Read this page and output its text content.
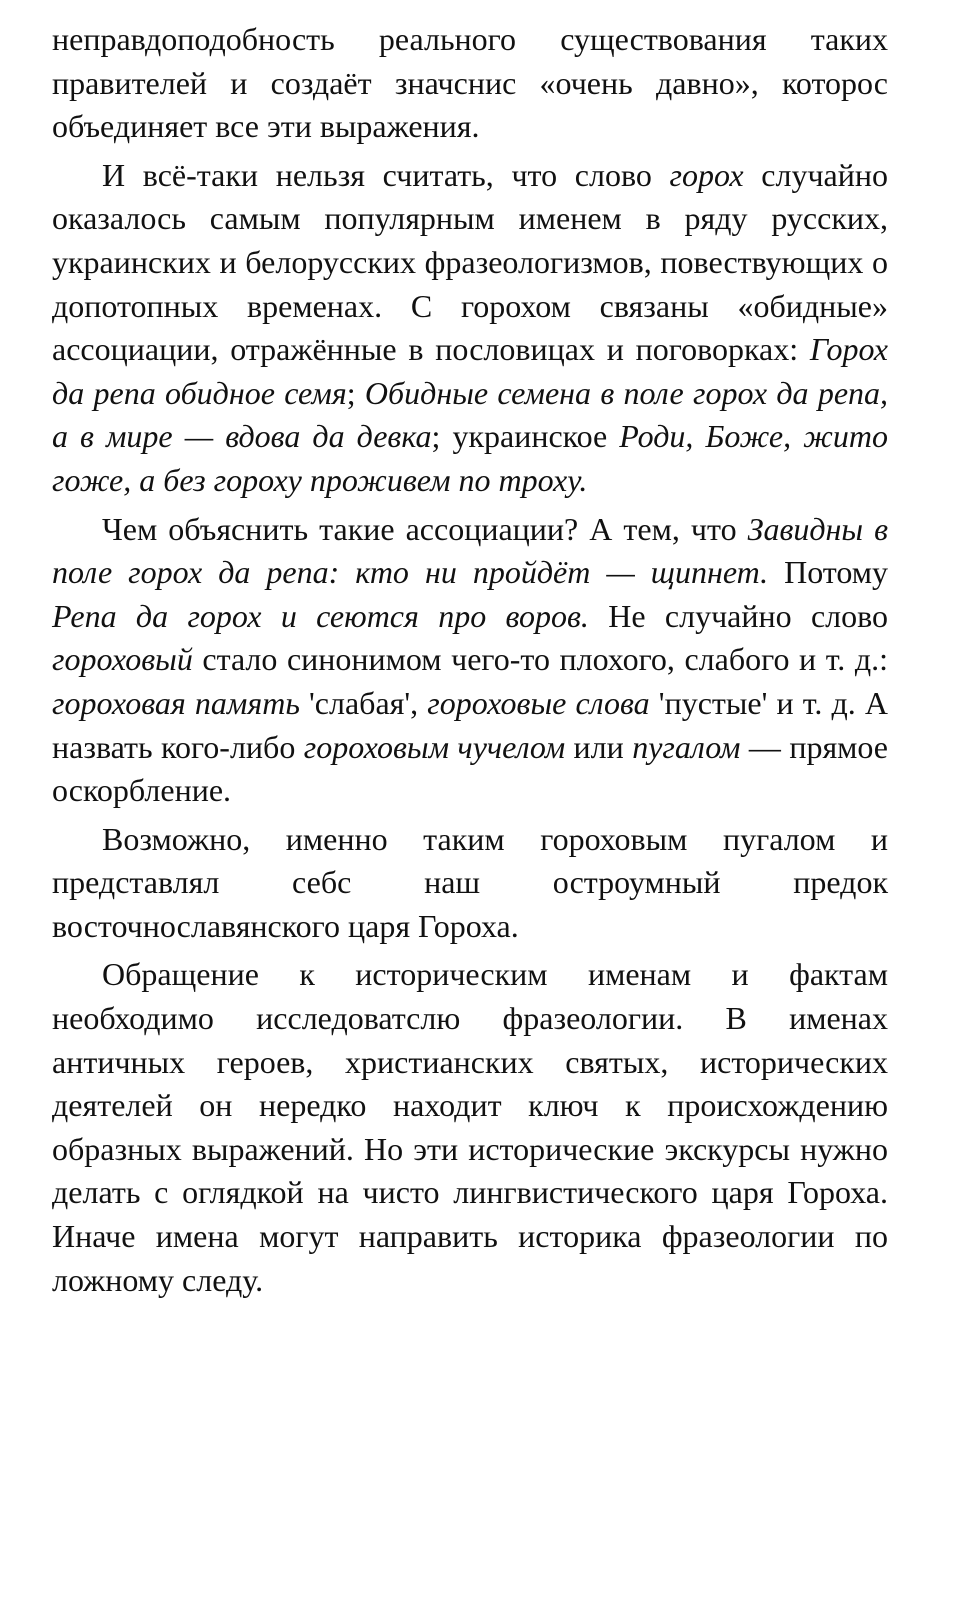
неправдоподобность реального существования таких правителей и создаёт значснис «очень давно», которос объединяет все эти выражения.

И всё-таки нельзя считать, что слово горох случайно оказалось самым популярным именем в ряду русских, украинских и белорусских фразеологизмов, повествующих о допотопных временах. С горохом связаны «обидные» ассоциации, отражённые в пословицах и поговорках: Горох да репа обидное семя; Обидные семена в поле горох да репа, а в мире — вдова да девка; украинское Роди, Боже, жито гоже, а без гороху проживем по троху.

Чем объяснить такие ассоциации? А тем, что Завидны в поле горох да репа: кто ни пройдёт — щипнет. Потому Репа да горох и сеются про воров. Не случайно слово гороховый стало синонимом чего-то плохого, слабого и т. д.: гороховая память 'слабая', гороховые слова 'пустые' и т. д. А назвать кого-либо гороховым чучелом или пугалом — прямое оскорбление.

Возможно, именно таким гороховым пугалом и представлял себс наш остроумный предок восточнославянского царя Гороха.

Обращение к историческим именам и фактам необходимо исследоватслю фразеологии. В именах античных героев, христианских святых, исторических деятелей он нередко находит ключ к происхождению образных выражений. Но эти исторические экскурсы нужно делать с оглядкой на чисто лингвистического царя Гороха. Иначе имена могут направить историка фразеологии по ложному следу.
